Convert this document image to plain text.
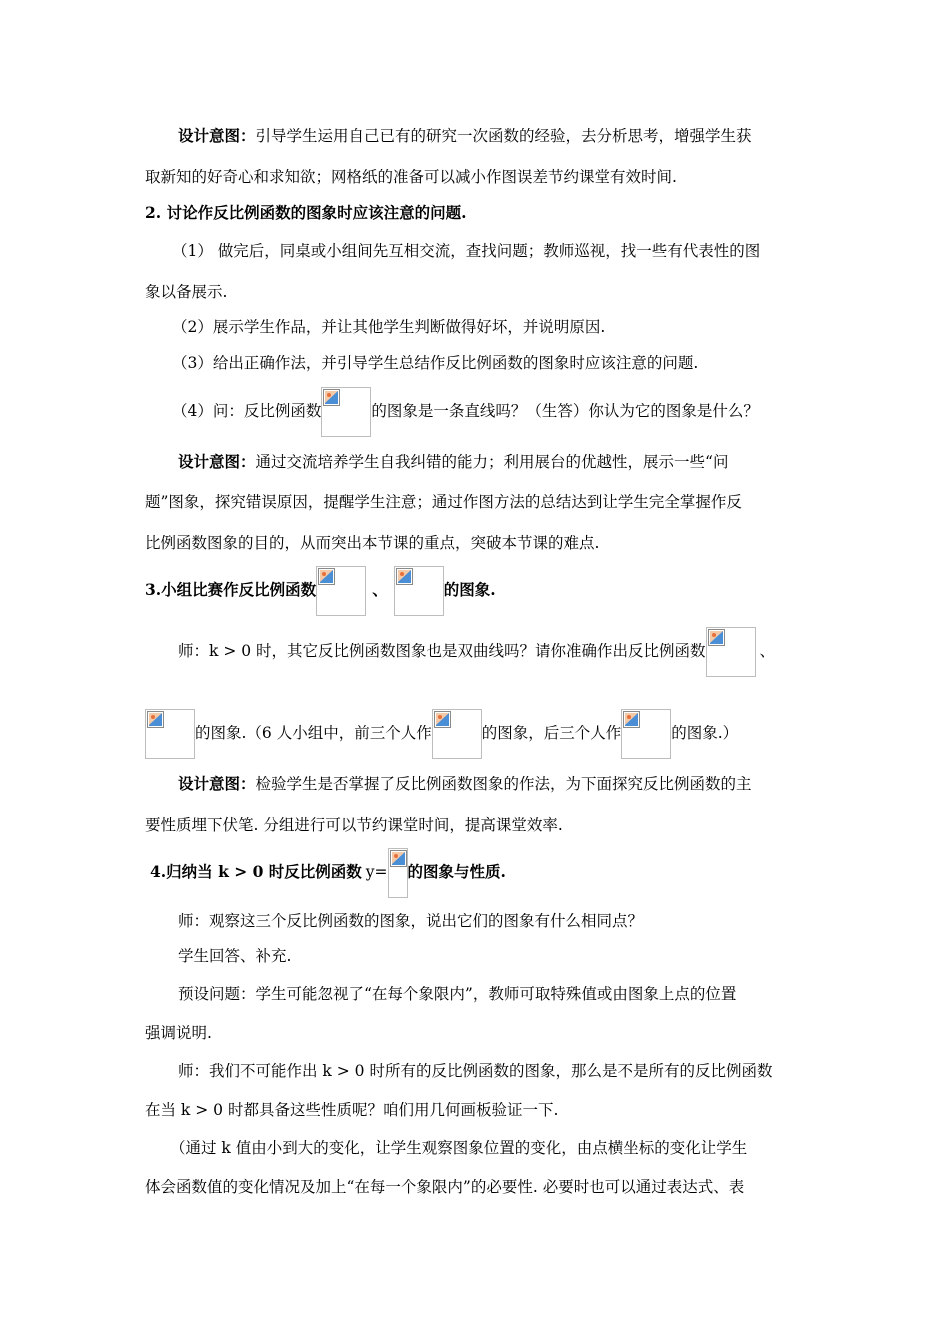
设计意图：引导学生运用自己已有的研究一次函数的经验，去分析思考，增强学生获
取新知的好奇心和求知欲；网格纸的准备可以减小作图误差节约课堂有效时间.
2. 讨论作反比例函数的图象时应该注意的问题.
（1） 做完后，同桌或小组间先互相交流，查找问题；教师巡视，找一些有代表性的图
象以备展示.
（2）展示学生作品，并让其他学生判断做得好坏，并说明原因.
（3）给出正确作法，并引导学生总结作反比例函数的图象时应该注意的问题.
（4）问：反比例函数	的图象是一条直线吗？（生答）你认为它的图象是什么？
设计意图：通过交流培养学生自我纠错的能力；利用展台的优越性，展示一些“问
题”图象，探究错误原因，提醒学生注意；通过作图方法的总结达到让学生完全掌握作反
比例函数图象的目的，从而突出本节课的重点，突破本节课的难点.
3.小组比赛作反比例函数	、	的图象.
师：k > 0 时，其它反比例函数图象也是双曲线吗？请你准确作出反比例函数	、
的图象.（6 人小组中，前三个人作	的图象，后三个人作	的图象.）
设计意图：检验学生是否掌握了反比例函数图象的作法，为下面探究反比例函数的主
要性质埋下伏笔. 分组进行可以节约课堂时间，提高课堂效率.
4.归纳当 k > 0 时反比例函数 y= 的图象与性质.
师：观察这三个反比例函数的图象，说出它们的图象有什么相同点？
学生回答、补充.
预设问题：学生可能忽视了“在每个象限内”，教师可取特殊值或由图象上点的位置
强调说明.
师：我们不可能作出 k > 0 时所有的反比例函数的图象，那么是不是所有的反比例函数
在当 k > 0 时都具备这些性质呢？咱们用几何画板验证一下.
（通过 k 值由小到大的变化，让学生观察图象位置的变化，由点横坐标的变化让学生
体会函数值的变化情况及加上“在每一个象限内”的必要性. 必要时也可以通过表达式、表
